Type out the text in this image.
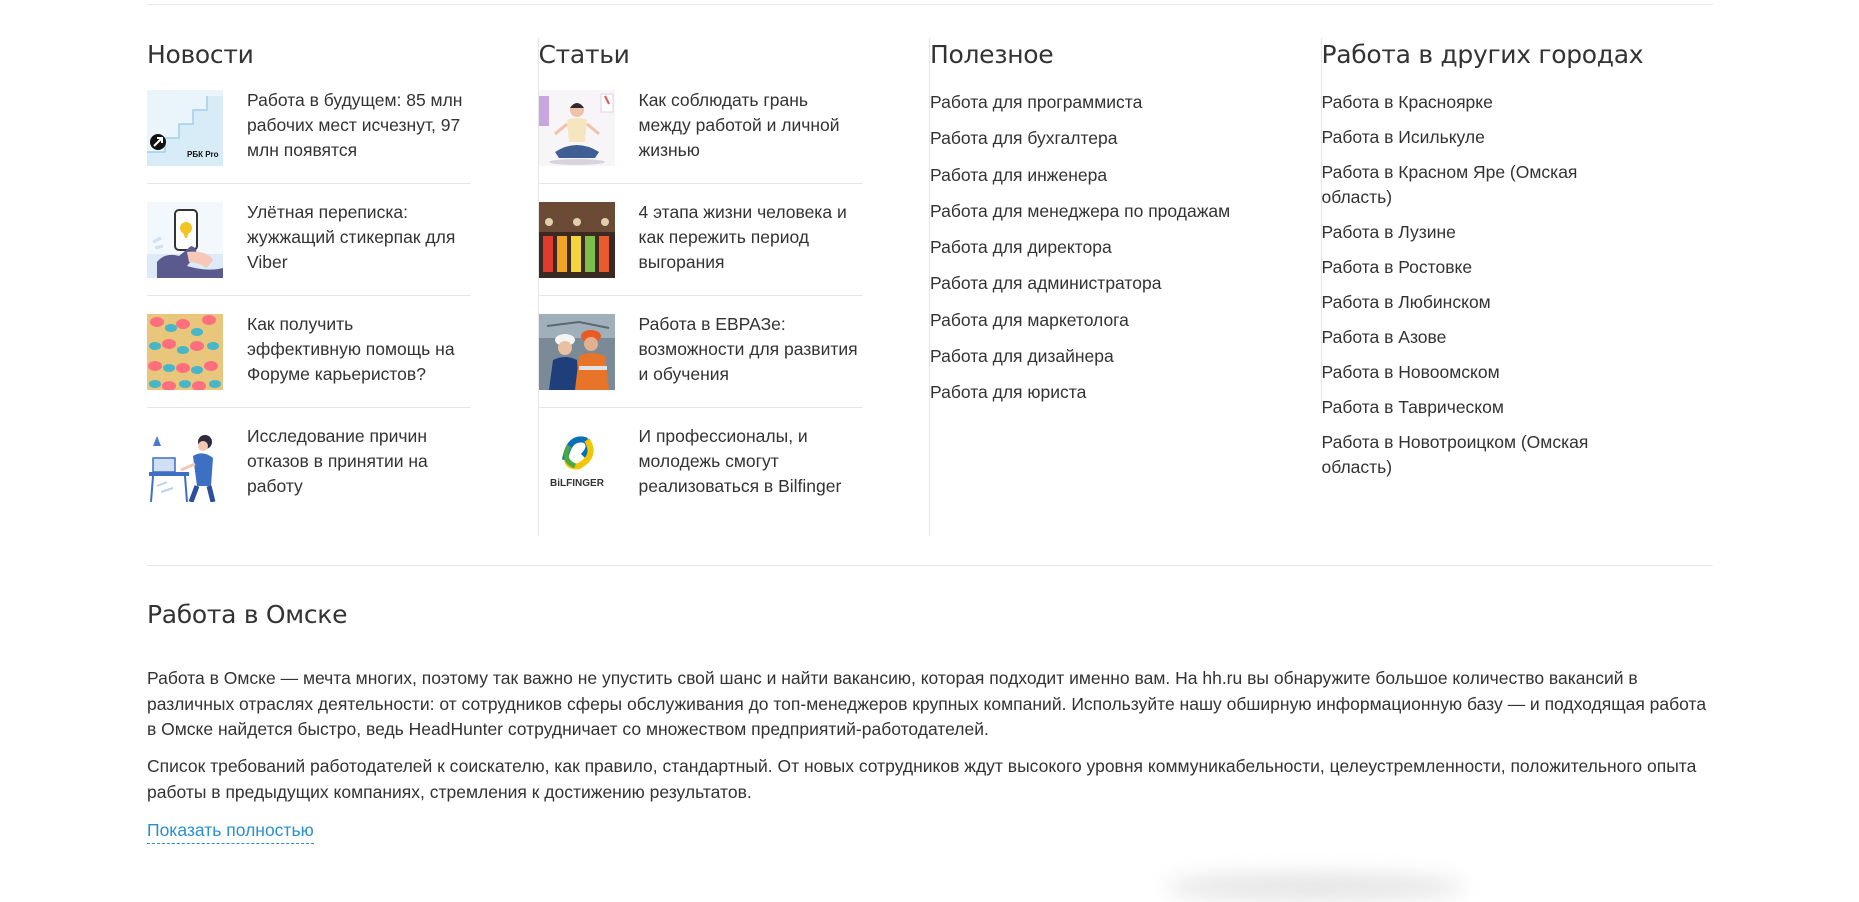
Новости
РБК Pro
Работа в будущем: 85 млн рабочих мест исчезнут, 97 млн появятся
Улётная переписка: жужжащий стикерпак для Viber
Как получить эффективную помощь на Форуме карьеристов?
Исследование причин отказов в принятии на работу
Статьи
Как соблюдать грань между работой и личной жизнью
4 этапа жизни человека и как пережить период выгорания
Работа в ЕВРАЗе: возможности для развития и обучения
BiLFINGER
И профессионалы, и молодежь смогут реализоваться в Bilfinger
Полезное
Работа для программиста
Работа для бухгалтера
Работа для инженера
Работа для менеджера по продажам
Работа для директора
Работа для администратора
Работа для маркетолога
Работа для дизайнера
Работа для юриста
Работа в других городах
Работа в Красноярке
Работа в Исилькуле
Работа в Красном Яре (Омская область)
Работа в Лузине
Работа в Ростовке
Работа в Любинском
Работа в Азове
Работа в Новоомском
Работа в Таврическом
Работа в Новотроицком (Омская область)
Работа в Омске

Работа в Омске — мечта многих, поэтому так важно не упустить свой шанс и найти вакансию, которая подходит именно вам. На hh.ru вы обнаружите большое количество вакансий в различных отраслях деятельности: от сотрудников сферы обслуживания до топ-менеджеров крупных компаний. Используйте нашу обширную информационную базу — и подходящая работа в Омске найдется быстро, ведь HeadHunter сотрудничает со множеством предприятий-работодателей.

Список требований работодателей к соискателю, как правило, стандартный. От новых сотрудников ждут высокого уровня коммуникабельности, целеустремленности, положительного опыта работы в предыдущих компаниях, стремления к достижению результатов.

Показать полностью
